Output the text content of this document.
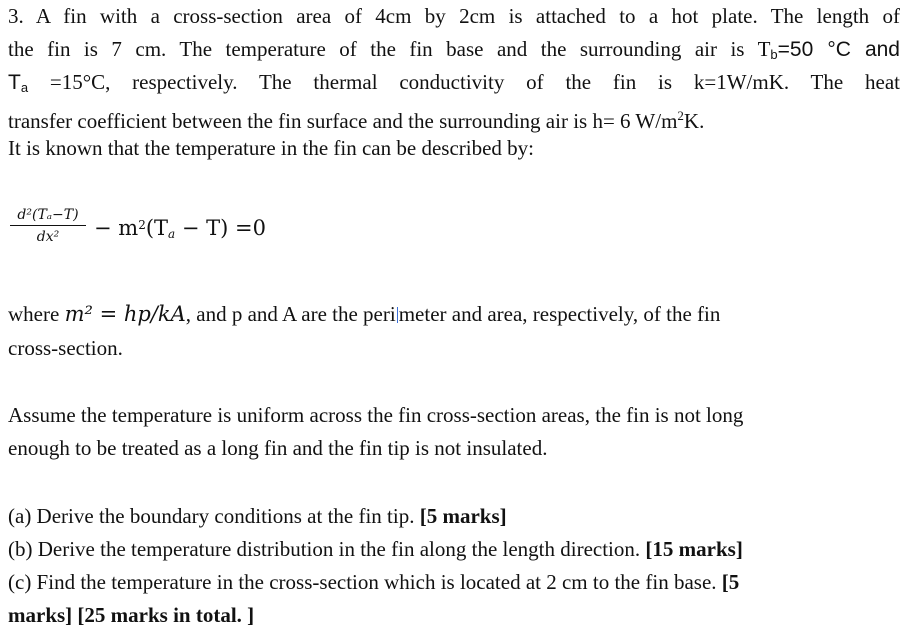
3. A fin with a cross-section area of 4cm by 2cm is attached to a hot plate. The length of

the fin is 7 cm. The temperature of the fin base and the surrounding air is $T_b=50$ °C and

$T_a =15^\circ C$, respectively. The thermal conductivity of the fin is k=1W/mK. The heat

transfer coefficient between the fin surface and the surrounding air is h= 6 $W/m^2K$.

It is known that the temperature in the fin can be described by:

d²(Tₐ−T)
dx²	− $m^2(Ta - T) =0$

where m² = hp/kA, and p and A are the peri meter and area, respectively, of the fin

cross-section.

Assume the temperature is uniform across the fin cross-section areas, the fin is not long

enough to be treated as a long fin and the fin tip is not insulated.

(a) Derive the boundary conditions at the fin tip. [5 marks]

(b) Derive the temperature distribution in the fin along the length direction. [15 marks]

(c) Find the temperature in the cross-section which is located at 2 cm to the fin base. [5

marks] [25 marks in total. ]
